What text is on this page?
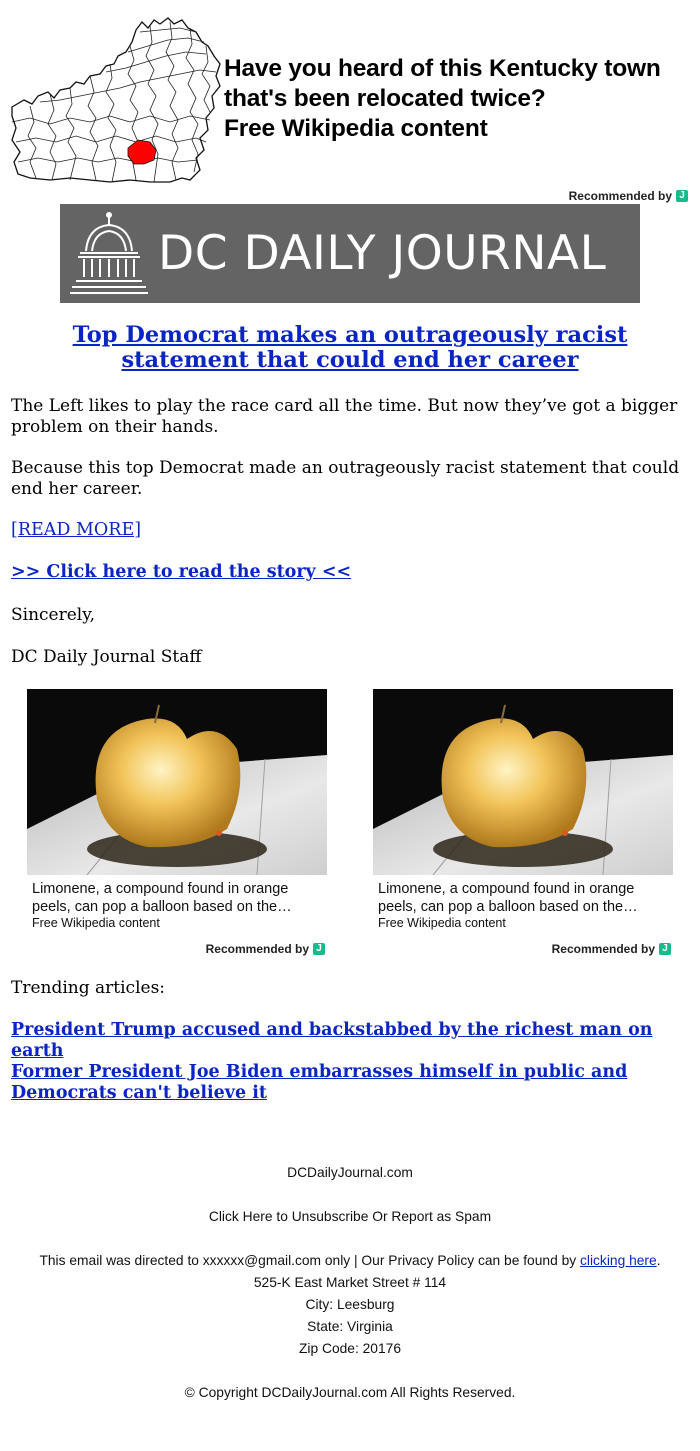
Have you heard of this Kentucky town that's been relocated twice?
Free Wikipedia content
Recommended by J
DC DAILY JOURNAL
Top Democrat makes an outrageously racist statement that could end her career
The Left likes to play the race card all the time. But now they’ve got a bigger problem on their hands.
Because this top Democrat made an outrageously racist statement that could end her career.
[READ MORE]
>> Click here to read the story <<
Sincerely,
DC Daily Journal Staff
Limonene, a compound found in orange peels, can pop a balloon based on the…
Free Wikipedia content
Recommended by J
Limonene, a compound found in orange peels, can pop a balloon based on the…
Free Wikipedia content
Recommended by J
Trending articles:
President Trump accused and backstabbed by the richest man on earth
Former President Joe Biden embarrasses himself in public and Democrats can't believe it
DCDailyJournal.com
Click Here to Unsubscribe Or Report as Spam
This email was directed to xxxxxx@gmail.com only | Our Privacy Policy can be found by clicking here.
525-K East Market Street # 114
City: Leesburg
State: Virginia
Zip Code: 20176
© Copyright DCDailyJournal.com All Rights Reserved.
